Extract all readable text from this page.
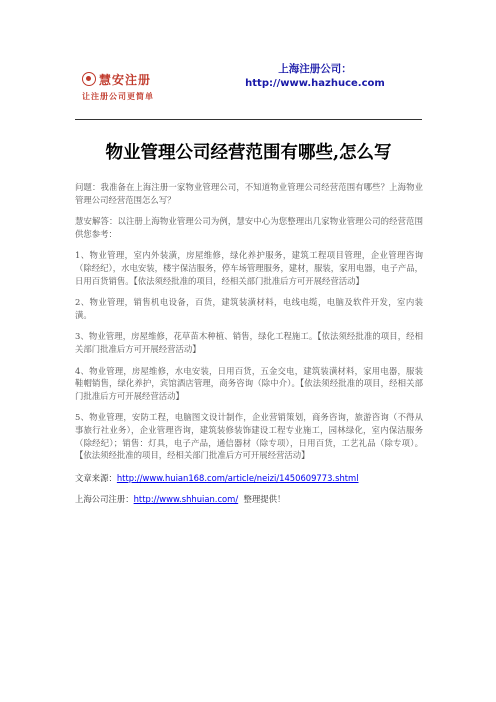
慧安注册
让注册公司更简单
上海注册公司：
http://www.hazhuce.com
物业管理公司经营范围有哪些,怎么写

问题：我准备在上海注册一家物业管理公司，不知道物业管理公司经营范围有哪些？上海物业管理公司经营范围怎么写？

慧安解答：以注册上海物业管理公司为例，慧安中心为您整理出几家物业管理公司的经营范围供您参考：

1、物业管理，室内外装潢，房屋维修，绿化养护服务，建筑工程项目管理，企业管理咨询（除经纪），水电安装，楼宇保洁服务，停车场管理服务，建材，服装，家用电器，电子产品，日用百货销售。【依法须经批准的项目，经相关部门批准后方可开展经营活动】

2、物业管理，销售机电设备，百货，建筑装潢材料，电线电缆，电脑及软件开发，室内装潢。

3、物业管理，房屋维修，花草苗木种植、销售，绿化工程施工。【依法须经批准的项目，经相关部门批准后方可开展经营活动】

4、物业管理，房屋维修，水电安装，日用百货，五金交电，建筑装潢材料，家用电器，服装鞋帽销售，绿化养护，宾馆酒店管理，商务咨询（除中介）。【依法须经批准的项目，经相关部门批准后方可开展经营活动】

5、物业管理，安防工程，电脑图文设计制作，企业营销策划，商务咨询，旅游咨询（不得从事旅行社业务），企业管理咨询，建筑装修装饰建设工程专业施工，园林绿化，室内保洁服务（除经纪）；销售：灯具，电子产品，通信器材（除专项），日用百货，工艺礼品（除专项）。【依法须经批准的项目，经相关部门批准后方可开展经营活动】

文章来源：http://www.huian168.com/article/neizi/1450609773.shtml

上海公司注册：http://www.shhuian.com/  整理提供！
